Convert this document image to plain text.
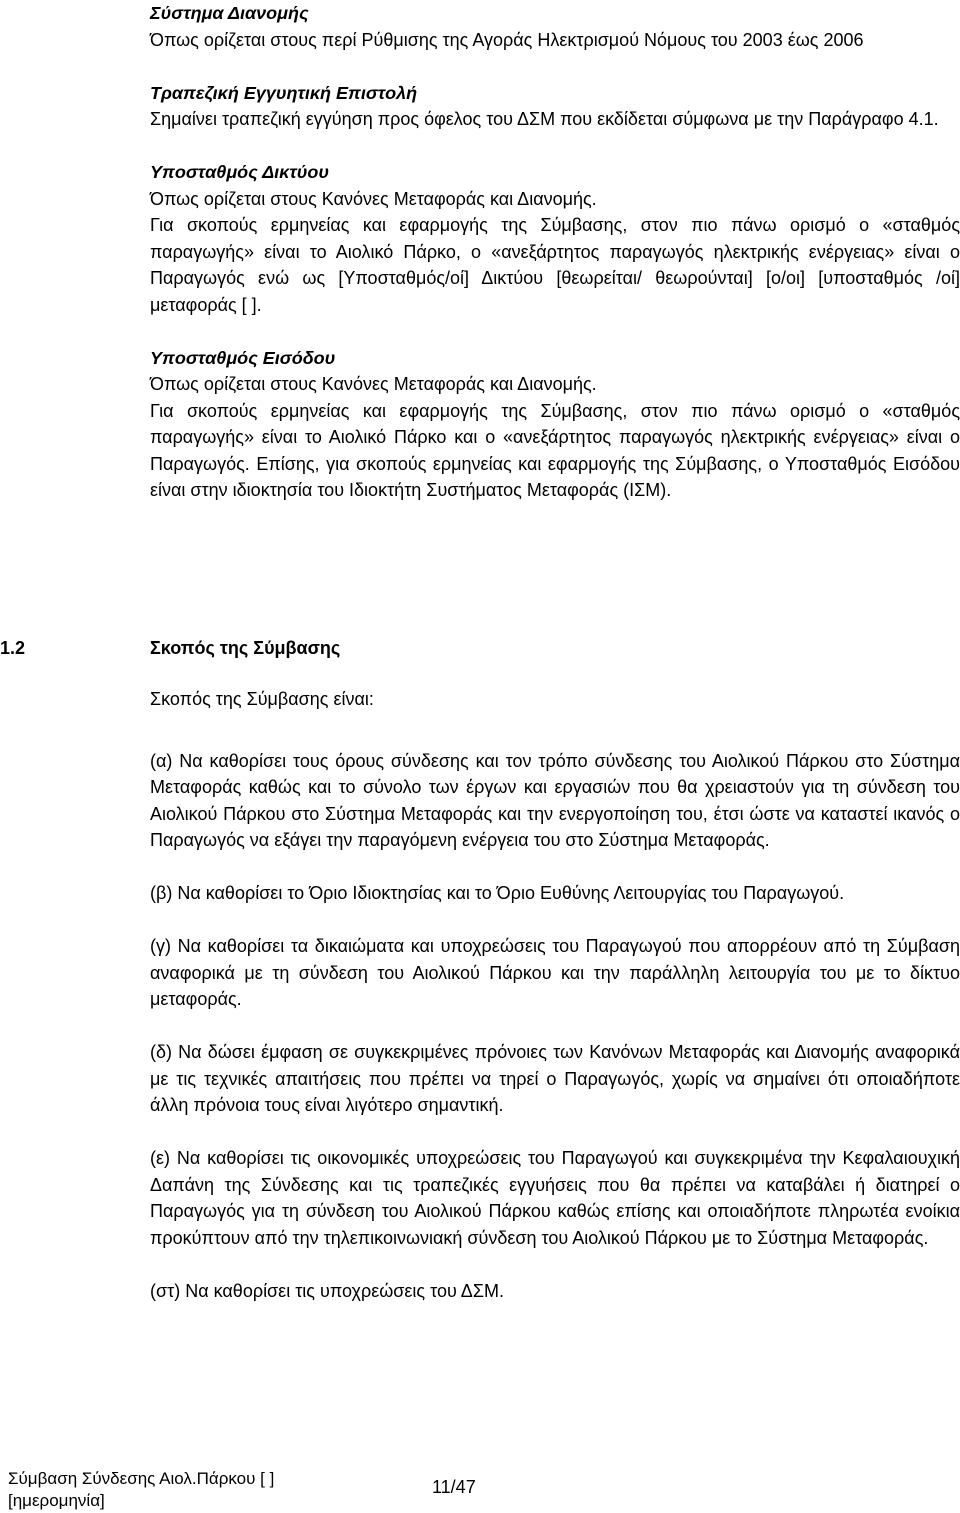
Σύστημα Διανομής

Όπως ορίζεται στους περί Ρύθμισης της Αγοράς Ηλεκτρισμού Νόμους του 2003 έως 2006

Τραπεζική Εγγυητική Επιστολή

Σημαίνει τραπεζική εγγύηση προς όφελος του ΔΣΜ που εκδίδεται σύμφωνα με την Παράγραφο 4.1.

Υποσταθμός Δικτύου

Όπως ορίζεται στους Κανόνες Μεταφοράς και Διανομής.

Για σκοπούς ερμηνείας και εφαρμογής της Σύμβασης, στον πιο πάνω ορισμό ο «σταθμός παραγωγής» είναι το Αιολικό Πάρκο, ο «ανεξάρτητος παραγωγός ηλεκτρικής ενέργειας» είναι ο Παραγωγός ενώ ως [Υποσταθμός/οί] Δικτύου [θεωρείται/ θεωρούνται] [ο/οι] [υποσταθμός /οί] μεταφοράς [ ].

Υποσταθμός Εισόδου

Όπως ορίζεται στους Κανόνες Μεταφοράς και Διανομής.

Για σκοπούς ερμηνείας και εφαρμογής της Σύμβασης, στον πιο πάνω ορισμό ο «σταθμός παραγωγής» είναι το Αιολικό Πάρκο και ο «ανεξάρτητος παραγωγός ηλεκτρικής ενέργειας» είναι ο Παραγωγός. Επίσης, για σκοπούς ερμηνείας και εφαρμογής της Σύμβασης, ο Υποσταθμός Εισόδου είναι στην ιδιοκτησία του Ιδιοκτήτη Συστήματος Μεταφοράς (ΙΣΜ).

1.2	Σκοπός της Σύμβασης

Σκοπός της Σύμβασης είναι:

(α) Να καθορίσει τους όρους σύνδεσης και τον τρόπο σύνδεσης του Αιολικού Πάρκου στο Σύστημα Μεταφοράς καθώς και το σύνολο των έργων και εργασιών που θα χρειαστούν για τη σύνδεση του Αιολικού Πάρκου στο Σύστημα Μεταφοράς και την ενεργοποίηση του, έτσι ώστε να καταστεί ικανός ο Παραγωγός να εξάγει την παραγόμενη ενέργεια του στο Σύστημα Μεταφοράς.

(β) Να καθορίσει το Όριο Ιδιοκτησίας και το Όριο Ευθύνης Λειτουργίας του Παραγωγού.

(γ) Να καθορίσει τα δικαιώματα και υποχρεώσεις του Παραγωγού που απορρέουν από τη Σύμβαση αναφορικά με τη σύνδεση του Αιολικού Πάρκου και την παράλληλη λειτουργία του με το δίκτυο μεταφοράς.

(δ) Να δώσει έμφαση σε συγκεκριμένες πρόνοιες των Κανόνων Μεταφοράς και Διανομής αναφορικά με τις τεχνικές απαιτήσεις που πρέπει να τηρεί ο Παραγωγός, χωρίς να σημαίνει ότι οποιαδήποτε άλλη πρόνοια τους είναι λιγότερο σημαντική.

(ε) Να καθορίσει τις οικονομικές υποχρεώσεις του Παραγωγού και συγκεκριμένα την Κεφαλαιουχική Δαπάνη της Σύνδεσης και τις τραπεζικές εγγυήσεις που θα πρέπει να καταβάλει ή διατηρεί ο Παραγωγός για τη σύνδεση του Αιολικού Πάρκου καθώς επίσης και οποιαδήποτε πληρωτέα ενοίκια προκύπτουν από την τηλεπικοινωνιακή σύνδεση του Αιολικού Πάρκου με το Σύστημα Μεταφοράς.

(στ) Να καθορίσει τις υποχρεώσεις του ΔΣΜ.

Σύμβαση Σύνδεσης Αιολ.Πάρκου [ ]	11/47
[ημερομηνία]
